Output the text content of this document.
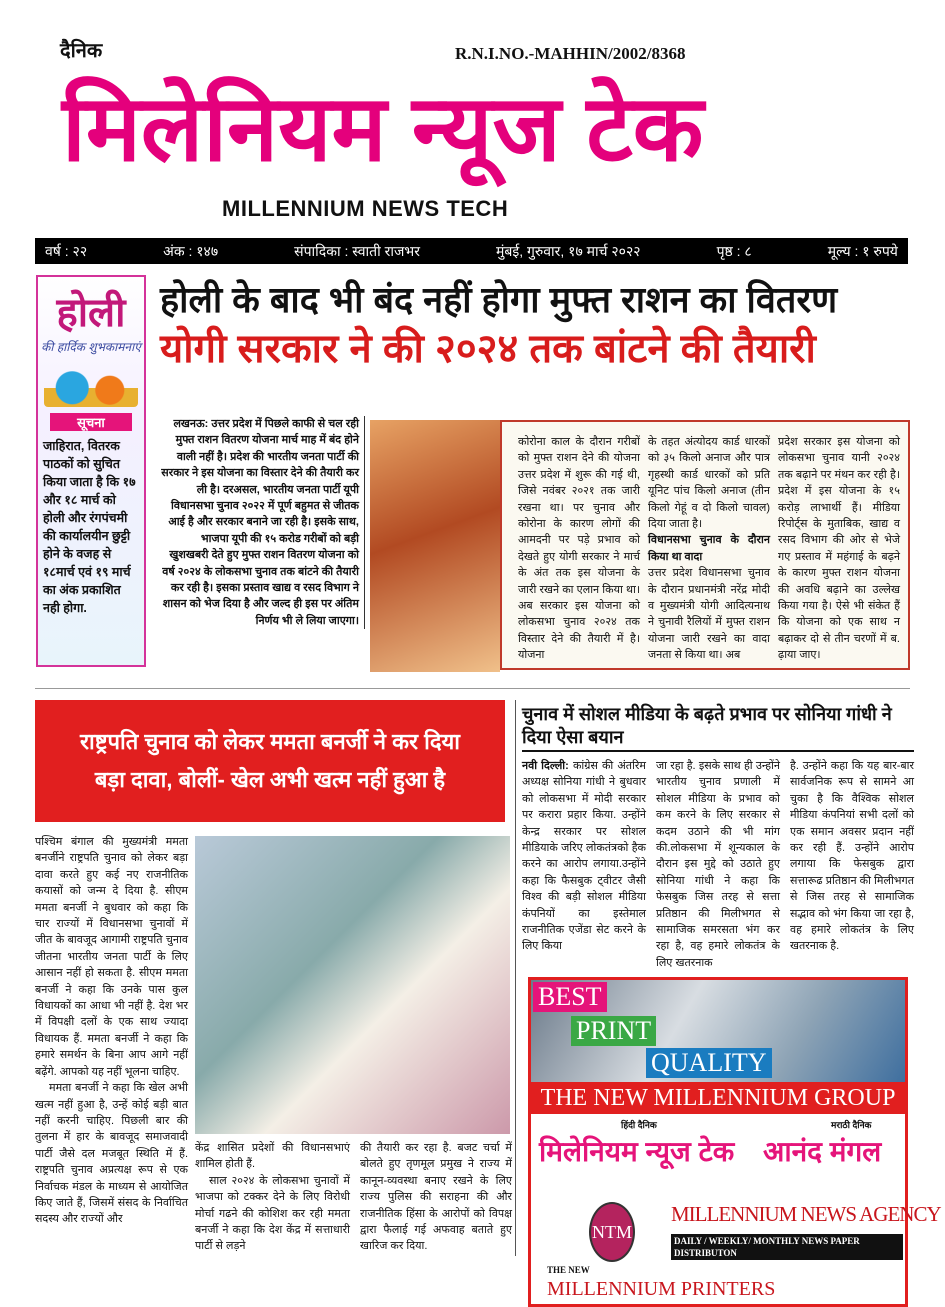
दैनिक	R.N.I.NO.-MAHHIN/2002/8368
मिलेनियम न्यूज टेक
MILLENNIUM NEWS TECH
वर्ष : २२	अंक : १४७	संपादिका : स्वाती राजभर	मुंबई, गुरुवार, १७ मार्च २०२२	पृष्ठ : ८	मूल्य : १ रुपये
होली
की हार्दिक शुभकामनाएं
सूचना
जाहिरात, वितरक पाठकों को सुचित किया जाता है कि १७ और १८ मार्च को होली और रंगपंचमी की कार्यालयीन छुट्टी होने के वजह से १८मार्च एवं १९ मार्च का अंक प्रकाशित नही होगा.
होली के बाद भी बंद नहीं होगा मुफ्त राशन का वितरण
योगी सरकार ने की २०२४ तक बांटने की तैयारी
लखनऊ: उत्तर प्रदेश में पिछले काफी से चल रही मुफ्त राशन वितरण योजना मार्च माह में बंद होने वाली नहीं है। प्रदेश की भारतीय जनता पार्टी की सरकार ने इस योजना का विस्तार देने की तैयारी कर ली है। दरअसल, भारतीय जनता पार्टी यूपी विधानसभा चुनाव २०२२ में पूर्ण बहुमत से जीतक आई है और सरकार बनाने जा रही है। इसके साथ, भाजपा यूपी की १५ करोड गरीबों को बड़ी खुशखबरी देते हुए मुफ्त राशन वितरण योजना को वर्ष २०२४ के लोकसभा चुनाव तक बांटने की तैयारी कर रही है। इसका प्रस्ताव खाद्य व रसद विभाग ने शासन को भेज दिया है और जल्द ही इस पर अंतिम निर्णय भी ले लिया जाएगा।
कोरोना काल के दौरान गरीबों को मुफ्त राशन देने की योजना उत्तर प्रदेश में शुरू की गई थी, जिसे नवंबर २०२१ तक जारी रखना था। पर चुनाव और कोरोना के कारण लोगों की आमदनी पर पड़े प्रभाव को देखते हुए योगी सरकार ने मार्च के अंत तक इस योजना के जारी रखने का एलान किया था। अब सरकार इस योजना को लोकसभा चुनाव २०२४ तक विस्तार देने की तैयारी में है। योजना
के तहत अंत्योदय कार्ड धारकों को ३५ किलो अनाज और पात्र गृहस्थी कार्ड धारकों को प्रति यूनिट पांच किलो अनाज (तीन किलो गेहूं व दो किलो चावल) दिया जाता है।
विधानसभा चुनाव के दौरान किया था वादा
उत्तर प्रदेश विधानसभा चुनाव के दौरान प्रधानमंत्री नरेंद्र मोदी व मुख्यमंत्री योगी आदित्यनाथ ने चुनावी रैलियों में मुफ्त राशन योजना जारी रखने का वादा जनता से किया था। अब
प्रदेश सरकार इस योजना को लोकसभा चुनाव यानी २०२४ तक बढ़ाने पर मंथन कर रही है। प्रदेश में इस योजना के १५ करोड़ लाभार्थी हैं। मीडिया रिपोर्ट्स के मुताबिक, खाद्य व रसद विभाग की ओर से भेजे गए प्रस्ताव में महंगाई के बढ़ने के कारण मुफ्त राशन योजना की अवधि बढ़ाने का उल्लेख किया गया है। ऐसे भी संकेत हैं कि योजना को एक साथ न बढ़ाकर दो से तीन चरणों में ब. ढ़ाया जाए।
राष्ट्रपति चुनाव को लेकर ममता बनर्जी ने कर दिया
बड़ा दावा, बोलीं- खेल अभी खत्म नहीं हुआ है

पश्चिम बंगाल की मुख्यमंत्री ममता बनर्जीने राष्ट्रपति चुनाव को लेकर बड़ा दावा करते हुए कई नए राजनीतिक कयासों को जन्म दे दिया है. सीएम ममता बनर्जी ने बुधवार को कहा कि चार राज्यों में विधानसभा चुनावों में जीत के बावजूद आगामी राष्ट्रपति चुनाव जीतना भारतीय जनता पार्टी के लिए आसान नहीं हो सकता है. सीएम ममता बनर्जी ने कहा कि उनके पास कुल विधायकों का आधा भी नहीं है. देश भर में विपक्षी दलों के एक साथ ज्यादा विधायक हैं. ममता बनर्जी ने कहा कि हमारे समर्थन के बिना आप आगे नहीं बढ़ेंगे. आपको यह नहीं भूलना चाहिए.

ममता बनर्जी ने कहा कि खेल अभी खत्म नहीं हुआ है, उन्हें कोई बड़ी बात नहीं करनी चाहिए. पिछली बार की तुलना में हार के बावजूद समाजवादी पार्टी जैसे दल मजबूत स्थिति में हैं. राष्ट्रपति चुनाव अप्रत्यक्ष रूप से एक निर्वाचक मंडल के माध्यम से आयोजित किए जाते हैं, जिसमें संसद के निर्वाचित सदस्य और राज्यों और

केंद्र शासित प्रदेशों की विधानसभाएं शामिल होती हैं.

साल २०२४ के लोकसभा चुनावों में भाजपा को टक्कर देने के लिए विरोधी मोर्चा गढने की कोशिश कर रही ममता बनर्जी ने कहा कि देश केंद्र में सत्ताधारी पार्टी से लड़ने

की तैयारी कर रहा है. बजट चर्चा में बोलते हुए तृणमूल प्रमुख ने राज्य में कानून-व्यवस्था बनाए रखने के लिए राज्य पुलिस की सराहना की और राजनीतिक हिंसा के आरोपों को विपक्ष द्वारा फैलाई गई अफवाह बताते हुए खारिज कर दिया.
चुनाव में सोशल मीडिया के बढ़ते प्रभाव पर सोनिया गांधी ने दिया ऐसा बयान
नवी दिल्ली: कांग्रेस की अंतरिम अध्यक्ष सोनिया गांधी ने बुधवार को लोकसभा में मोदी सरकार पर करारा प्रहार किया. उन्होंने केन्द्र सरकार पर सोशल मीडियाके जरिए लोकतंत्रको हैक करने का आरोप लगाया.उन्होंने कहा कि फैसबुक ट्वीटर जैसी विश्व की बड़ी सोशल मीडिया कंपनियों का इस्तेमाल राजनीतिक एजेंडा सेट करने के लिए किया
जा रहा है. इसके साथ ही उन्होंने भारतीय चुनाव प्रणाली में सोशल मीडिया के प्रभाव को कम करने के लिए सरकार से कदम उठाने की भी मांग की.लोकसभा में शून्यकाल के दौरान इस मुद्दे को उठाते हुए सोनिया गांधी ने कहा कि फेसबुक जिस तरह से सत्ता प्रतिष्ठान की मिलीभगत से सामाजिक समरसता भंग कर रहा है, वह हमारे लोकतंत्र के लिए खतरनाक
है. उन्होंने कहा कि यह बार-बार सार्वजनिक रूप से सामने आ चुका है कि वैश्विक सोशल मीडिया कंपनियां सभी दलों को एक समान अवसर प्रदान नहीं कर रही हैं. उन्होंने आरोप लगाया कि फेसबुक द्वारा सत्तारूढ प्रतिष्ठान की मिलीभगत से जिस तरह से सामाजिक सद्भाव को भंग किया जा रहा है, वह हमारे लोकतंत्र के लिए खतरनाक है.
BEST
PRINT
QUALITY
THE NEW MILLENNIUM GROUP
हिंदी दैनिक
मिलेनियम न्यूज टेक
मराठी दैनिक
आनंद मंगल
NTM
MILLENNIUM NEWS AGENCY
DAILY / WEEKLY/ MONTHLY NEWS PAPER DISTRIBUTON
THE NEW
MILLENNIUM PRINTERS
